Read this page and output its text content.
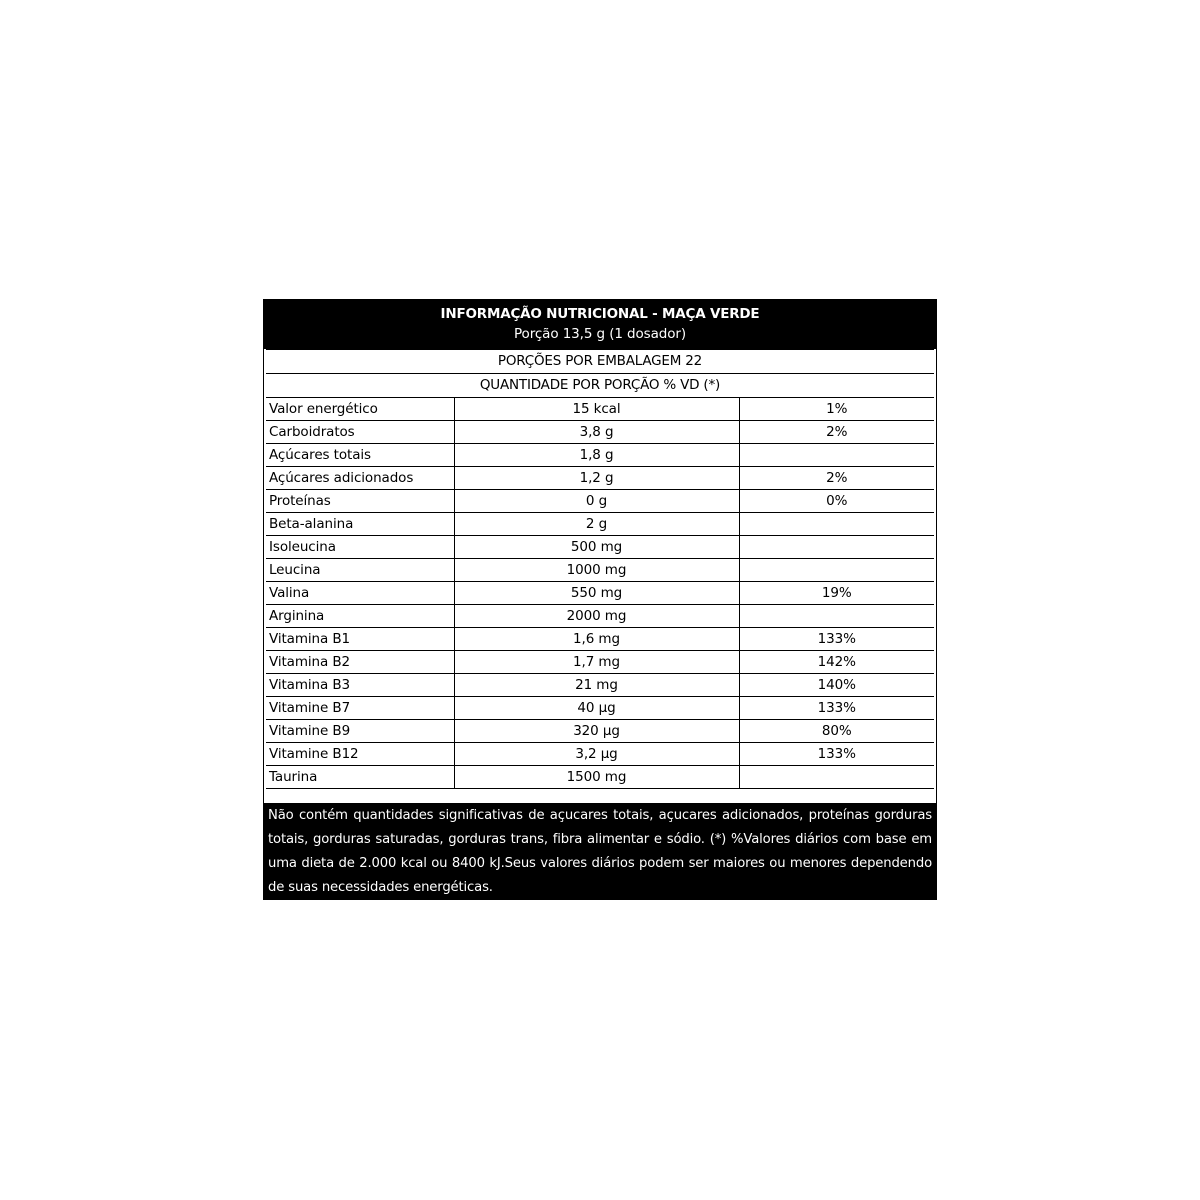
INFORMAÇÃO NUTRICIONAL - MAÇA VERDE
Porção 13,5 g (1 dosador)
PORÇÕES POR EMBALAGEM 22
QUANTIDADE POR PORÇÃO % VD (*)
Valor energético	15 kcal	1%
Carboidratos	3,8 g	2%
Açúcares totais	1,8 g	
Açúcares adicionados	1,2 g	2%
Proteínas	0 g	0%
Beta-alanina	2 g	
Isoleucina	500 mg	
Leucina	1000 mg	
Valina	550 mg	19%
Arginina	2000 mg	
Vitamina B1	1,6 mg	133%
Vitamina B2	1,7 mg	142%
Vitamina B3	21 mg	140%
Vitamine B7	40 µg	133%
Vitamine B9	320 µg	80%
Vitamine B12	3,2 µg	133%
Taurina	1500 mg	
Não contém quantidades significativas de açucares totais, açucares adicionados, proteínas gorduras totais, gorduras saturadas, gorduras trans, fibra alimentar e sódio. (*) %Valores diários com base em uma dieta de 2.000 kcal ou 8400 kJ.Seus valores diários podem ser maiores ou menores dependendo de suas necessidades energéticas.
